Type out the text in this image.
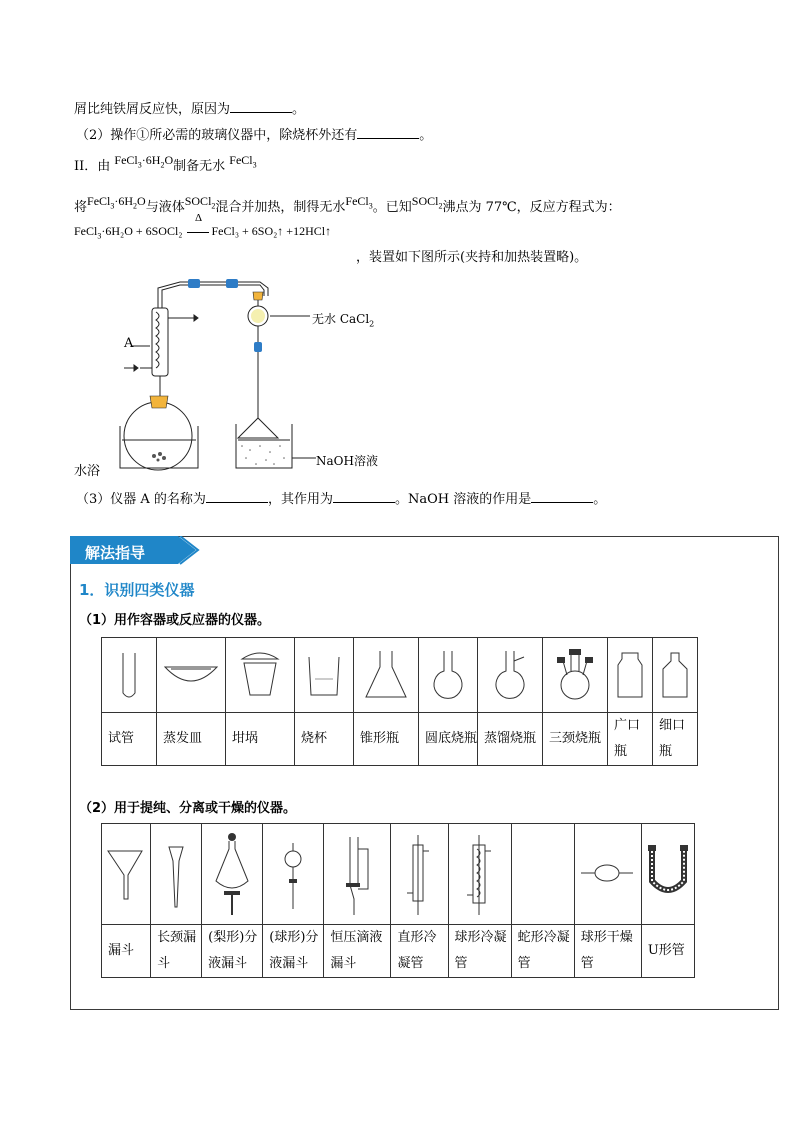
屑比纯铁屑反应快，原因为	。
（2）操作①所必需的玻璃仪器中，除烧杯外还有	。
II．由 $FeCl_3\cdot 6H_2O$制备无水 FeCl$_3$
将$FeCl_3\cdot 6H_2O$与液体SOCl$_2$混合并加热，制得无水FeCl$_3$。已知SOCl$_2$沸点为 77℃，反应方程式为：
FeCl$_3$·6H₂O + 6SOCl₂
Δ
FeCl₃ + 6SO₂↑ +12HCl↑
，装置如下图所示(夹持和加热装置略)。
A
水浴
无水 CaCl$_2$
NaOH溶液
（3）仪器 A 的名称为	，其作用为	。NaOH 溶液的作用是	。
解法指导
1．识别四类仪器
（1）用作容器或反应器的仪器。

试管	蒸发皿	坩埚	烧杯	锥形瓶	圆底烧瓶	蒸馏烧瓶	三颈烧瓶	广口瓶	细口瓶
（2）用于提纯、分离或干燥的仪器。

漏斗	长颈漏斗	(梨形)分液漏斗	(球形)分液漏斗	恒压滴液漏斗	直形冷凝管	球形冷凝管	蛇形冷凝管	球形干燥管	U形管
